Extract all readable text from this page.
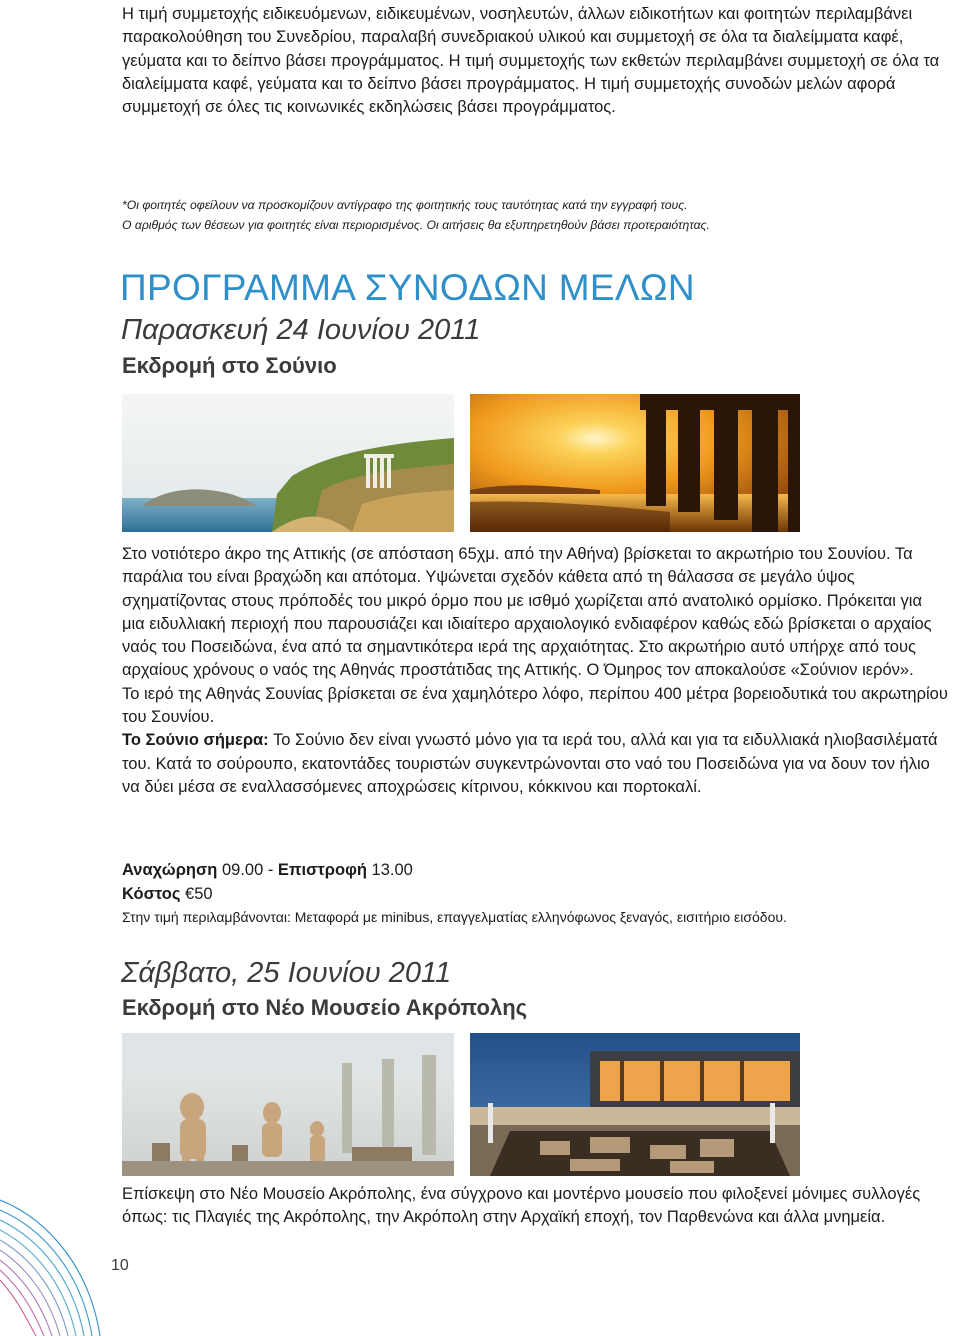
Η τιμή συμμετοχής ειδικευόμενων, ειδικευμένων, νοσηλευτών, άλλων ειδικοτήτων και φοιτητών περιλαμβάνει παρακολούθηση του Συνεδρίου, παραλαβή συνεδριακού υλικού και συμμετοχή σε όλα τα διαλείμματα καφέ, γεύματα και το δείπνο βάσει προγράμματος. Η τιμή συμμετοχής των εκθετών περιλαμβάνει συμμετοχή σε όλα τα διαλείμματα καφέ, γεύματα και το δείπνο βάσει προγράμματος. Η τιμή συμμετοχής συνοδών μελών αφορά συμμετοχή σε όλες τις κοινωνικές εκδηλώσεις βάσει προγράμματος.

*Οι φοιτητές οφείλουν να προσκομίζουν αντίγραφο της φοιτητικής τους ταυτότητας κατά την εγγραφή τους.
Ο αριθμός των θέσεων για φοιτητές είναι περιορισμένος. Οι αιτήσεις θα εξυπηρετηθούν βάσει προτεραιότητας.
ΠΡΟΓΡΑΜΜΑ ΣΥΝΟΔΩΝ ΜΕΛΩΝ
Παρασκευή 24 Ιουνίου 2011
Εκδρομή στο Σούνιο

Στο νοτιότερο άκρο της Αττικής (σε απόσταση 65χμ. από την Αθήνα) βρίσκεται το ακρωτήριο του Σουνίου. Τα παράλια του είναι βραχώδη και απότομα. Υψώνεται σχεδόν κάθετα από τη θάλασσα σε μεγάλο ύψος σχηματίζοντας στους πρόποδές του μικρό όρμο που με ισθμό χωρίζεται από ανατολικό ορμίσκο. Πρόκειται για μια ειδυλλιακή περιοχή που παρουσιάζει και ιδιαίτερο αρχαιολογικό ενδιαφέρον καθώς εδώ βρίσκεται ο αρχαίος ναός του Ποσειδώνα, ένα από τα σημαντικότερα ιερά της αρχαιότητας. Στο ακρωτήριο αυτό υπήρχε από τους αρχαίους χρόνους ο ναός της Αθηνάς προστάτιδας της Αττικής. Ο Όμηρος τον αποκαλούσε «Σούνιον ιερόν».
Το ιερό της Αθηνάς Σουνίας βρίσκεται σε ένα χαμηλότερο λόφο, περίπου 400 μέτρα βορειοδυτικά του ακρωτηρίου του Σουνίου.
Το Σούνιο σήμερα: Το Σούνιο δεν είναι γνωστό μόνο για τα ιερά του, αλλά και για τα ειδυλλιακά ηλιοβασιλέματά του. Κατά το σούρουπο, εκατοντάδες τουριστών συγκεντρώνονται στο ναό του Ποσειδώνα για να δουν τον ήλιο να δύει μέσα σε εναλλασσόμενες αποχρώσεις κίτρινου, κόκκινου και πορτοκαλί.

Αναχώρηση 09.00 - Επιστροφή 13.00
Κόστος €50
Στην τιμή περιλαμβάνονται: Μεταφορά με minibus, επαγγελματίας ελληνόφωνος ξεναγός, εισιτήριο εισόδου.
Σάββατο, 25 Ιουνίου 2011
Εκδρομή στο Νέο Μουσείο Ακρόπολης

Επίσκεψη στο Νέο Μουσείο Ακρόπολης, ένα σύγχρονο και μοντέρνο μουσείο που φιλοξενεί μόνιμες συλλογές όπως: τις Πλαγιές της Ακρόπολης, την Ακρόπολη στην Αρχαϊκή εποχή, τον Παρθενώνα και άλλα μνημεία.

10
